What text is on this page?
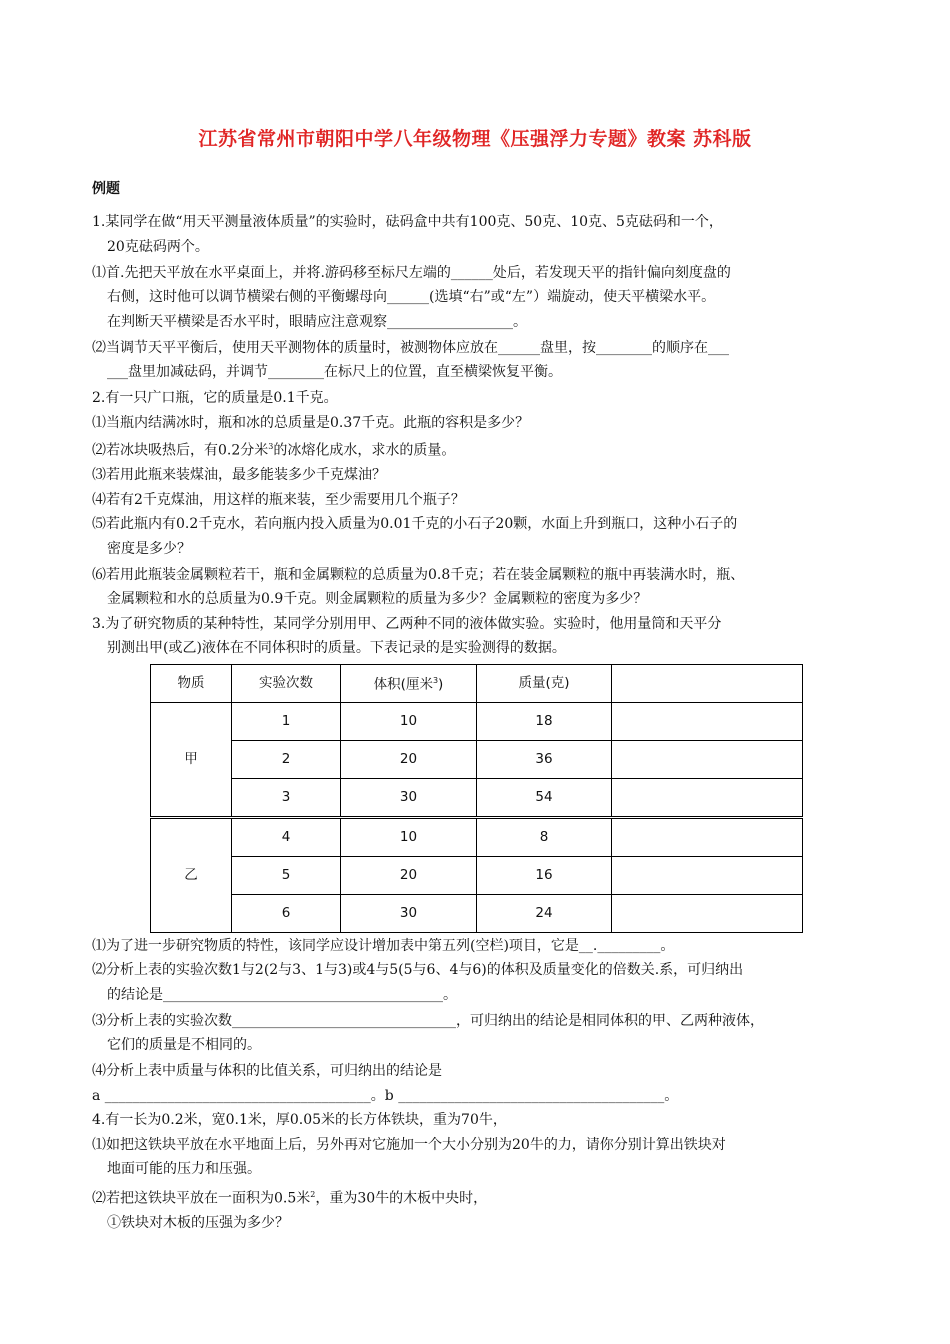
江苏省常州市朝阳中学八年级物理《压强浮力专题》教案 苏科版
例题
1.某同学在做“用天平测量液体质量”的实验时，砝码盒中共有100克、50克、10克、5克砝码和一个，
20克砝码两个。
⑴首.先把天平放在水平桌面上，并将.游码移至标尺左端的______处后，若发现天平的指针偏向刻度盘的
右侧，这时他可以调节横梁右侧的平衡螺母向______(选填“右”或“左”）端旋动，使天平横梁水平。
在判断天平横梁是否水平时，眼睛应注意观察__________________。
⑵当调节天平平衡后，使用天平测物体的质量时，被测物体应放在______盘里，按________的顺序在___
___盘里加减砝码，并调节________在标尺上的位置，直至横梁恢复平衡。
2.有一只广口瓶，它的质量是0.1千克。
⑴当瓶内结满冰时，瓶和冰的总质量是0.37千克。此瓶的容积是多少？
⑵若冰块吸热后，有0.2分米$^3$的冰熔化成水，求水的质量。
⑶若用此瓶来装煤油，最多能装多少千克煤油？
⑷若有2千克煤油，用这样的瓶来装，至少需要用几个瓶子？
⑸若此瓶内有0.2千克水，若向瓶内投入质量为0.01千克的小石子20颗，水面上升到瓶口，这种小石子的
密度是多少？
⑹若用此瓶装金属颗粒若干，瓶和金属颗粒的总质量为0.8千克；若在装金属颗粒的瓶中再装满水时，瓶、
金属颗粒和水的总质量为0.9千克。则金属颗粒的质量为多少？金属颗粒的密度为多少？
3.为了研究物质的某种特性，某同学分别用甲、乙两种不同的液体做实验。实验时，他用量筒和天平分
别测出甲(或乙)液体在不同体积时的质量。下表记录的是实验测得的数据。
物质	实验次数	体积(厘米$^3$)	质量(克)	
甲	1	10	18	
	2	20	36	
	3	30	54	
乙	4	10	8	
	5	20	16	
	6	30	24	
⑴为了进一步研究物质的特性，该同学应设计增加表中第五列(空栏)项目，它是__._________。
⑵分析上表的实验次数1与2(2与3、1与3)或4与5(5与6、4与6)的体积及质量变化的倍数关.系，可归纳出
的结论是________________________________________。
⑶分析上表的实验次数________________________________，可归纳出的结论是相同体积的甲、乙两种液体，
它们的质量是不相同的。
⑷分析上表中质量与体积的比值关系，可归纳出的结论是
a ______________________________________。b ______________________________________。
4.有一长为0.2米，宽0.1米，厚0.05米的长方体铁块，重为70牛，
⑴如把这铁块平放在水平地面上后，另外再对它施加一个大小分别为20牛的力，请你分别计算出铁块对
地面可能的压力和压强。
⑵若把这铁块平放在一面积为0.5米$^2$，重为30牛的木板中央时，
①铁块对木板的压强为多少？
